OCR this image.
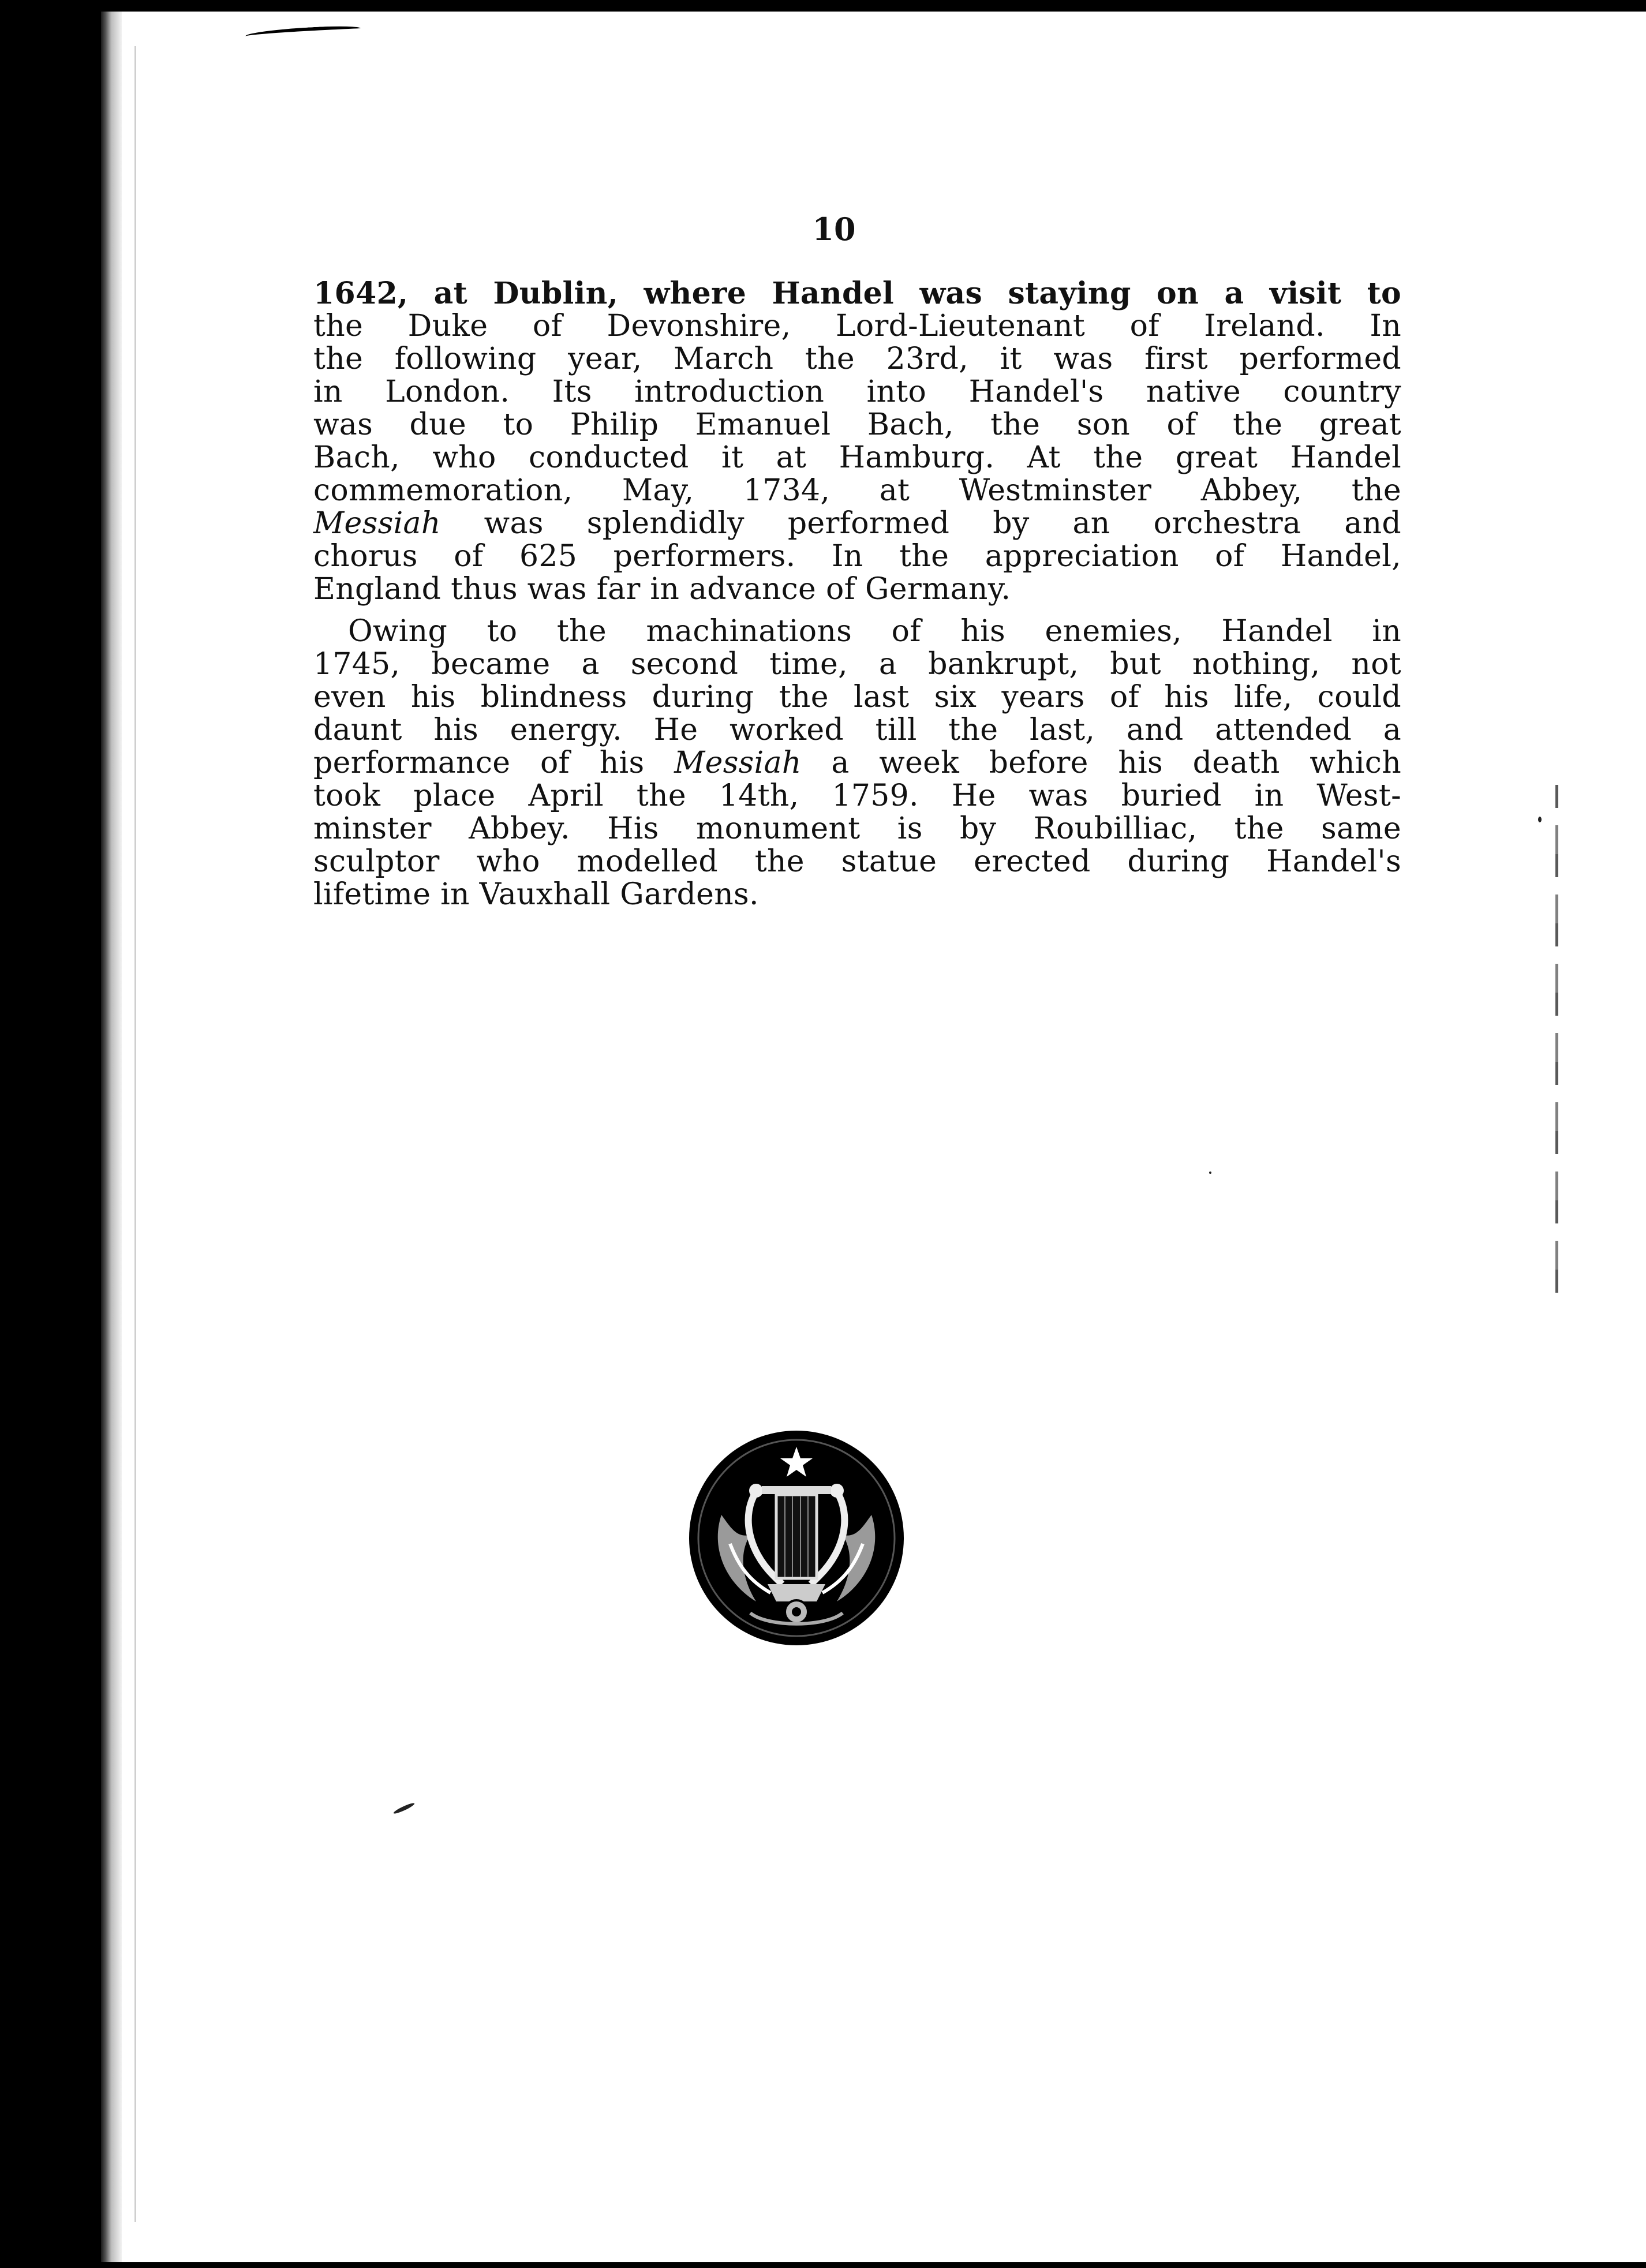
10
1642, at Dublin, where Handel was staying on a visit to
the Duke of Devonshire, Lord-Lieutenant of Ireland. In
the following year, March the 23rd, it was first performed
in London. Its introduction into Handel's native country
was due to Philip Emanuel Bach, the son of the great
Bach, who conducted it at Hamburg. At the great Handel
commemoration, May, 1734, at Westminster Abbey, the
Messiah was splendidly performed by an orchestra and
chorus of 625 performers. In the appreciation of Handel,
England thus was far in advance of Germany.
Owing to the machinations of his enemies, Handel in
1745, became a second time, a bankrupt, but nothing, not
even his blindness during the last six years of his life, could
daunt his energy. He worked till the last, and attended a
performance of his Messiah a week before his death which
took place April the 14th, 1759. He was buried in West-
minster Abbey. His monument is by Roubilliac, the same
sculptor who modelled the statue erected during Handel's
lifetime in Vauxhall Gardens.
